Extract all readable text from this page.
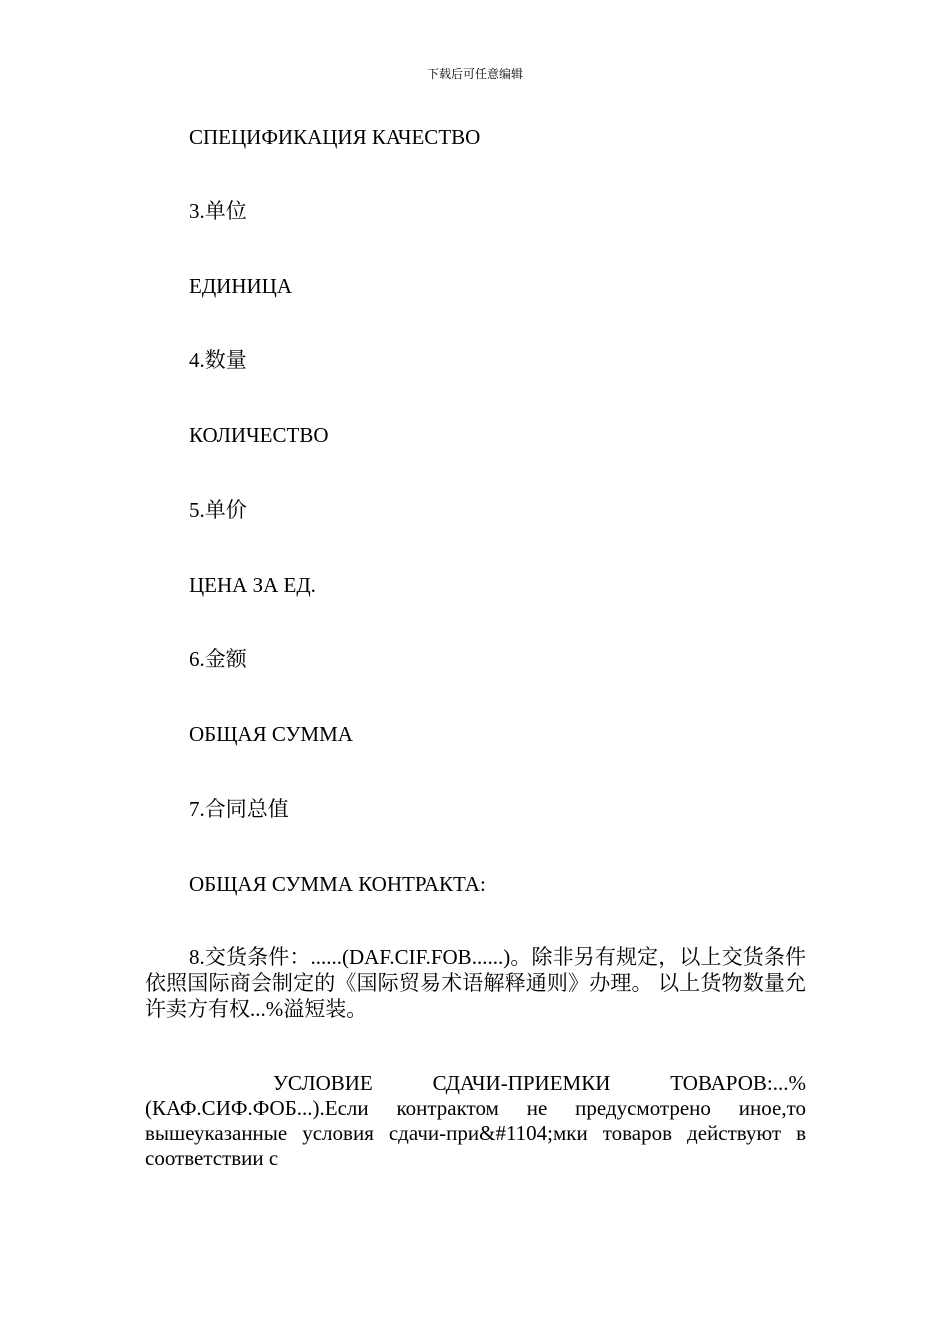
下载后可任意编辑
СПЕЦИФИКАЦИЯ КАЧЕСТВО
3.单位
ЕДИНИЦА
4.数量
КОЛИЧЕСТВО
5.单价
ЦЕНА ЗА ЕД.
6.金额
ОБЩАЯ СУММА
7.合同总值
ОБЩАЯ СУММА КОНТРАКТА:
8.交货条件：......(DAF.CIF.FOB......)。除非另有规定，以上交货条件依照国际商会制定的《国际贸易术语解释通则》办理。 以上货物数量允许卖方有权...%溢短装。
УСЛОВИЕ СДАЧИ-ПРИЕМКИ ТОВАРОВ:...% (КАФ.СИФ.ФОБ...).Если контрактом не предусмотрено иное,то вышеуказанные условия сдачи-при&#1104;мки товаров действуют в соответствии с
